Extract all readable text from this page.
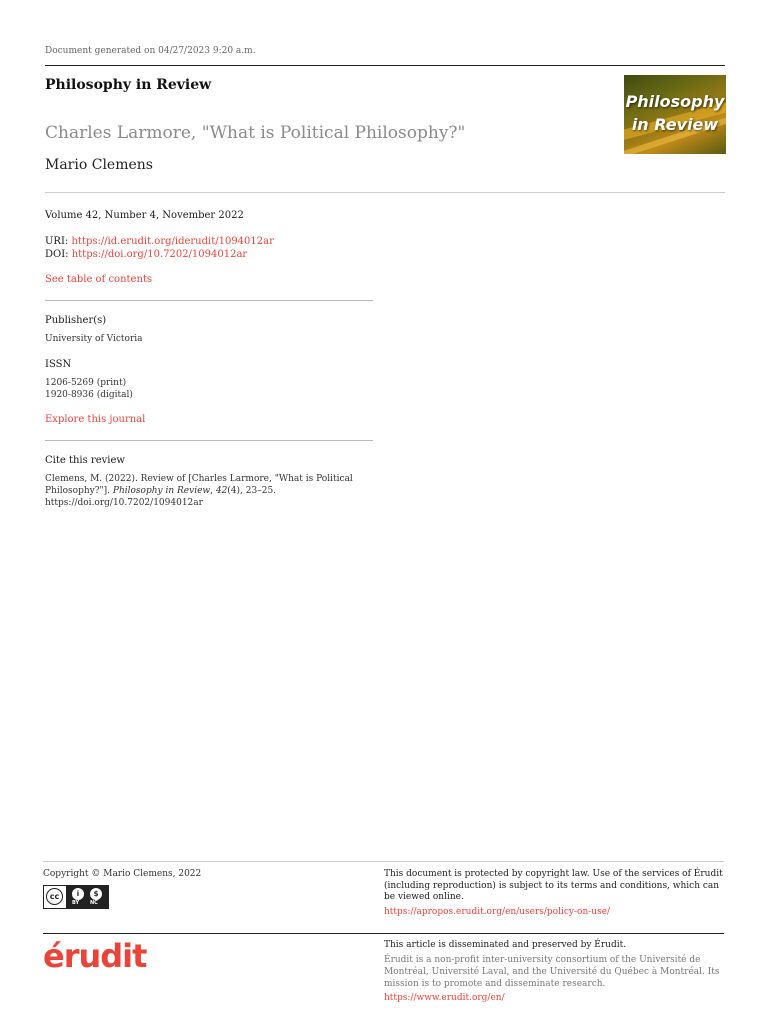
Document generated on 04/27/2023 9:20 a.m.
Philosophy in Review
Charles Larmore, "What is Political Philosophy?"
Mario Clemens
Philosophy
in Review
Volume 42, Number 4, November 2022
URI: https://id.erudit.org/iderudit/1094012ar
DOI: https://doi.org/10.7202/1094012ar
See table of contents
Publisher(s)
University of Victoria
ISSN
1206-5269 (print)
1920-8936 (digital)
Explore this journal
Cite this review
Clemens, M. (2022). Review of [Charles Larmore, "What is Political Philosophy?"]. Philosophy in Review, 42(4), 23–25.
https://doi.org/10.7202/1094012ar
Copyright © Mario Clemens, 2022
cc	i	$
BY NC
This document is protected by copyright law. Use of the services of Érudit (including reproduction) is subject to its terms and conditions, which can be viewed online.
https://apropos.erudit.org/en/users/policy-on-use/
érudit	This article is disseminated and preserved by Érudit.
Érudit is a non-profit inter-university consortium of the Université de Montréal, Université Laval, and the Université du Québec à Montréal. Its mission is to promote and disseminate research.
https://www.erudit.org/en/
